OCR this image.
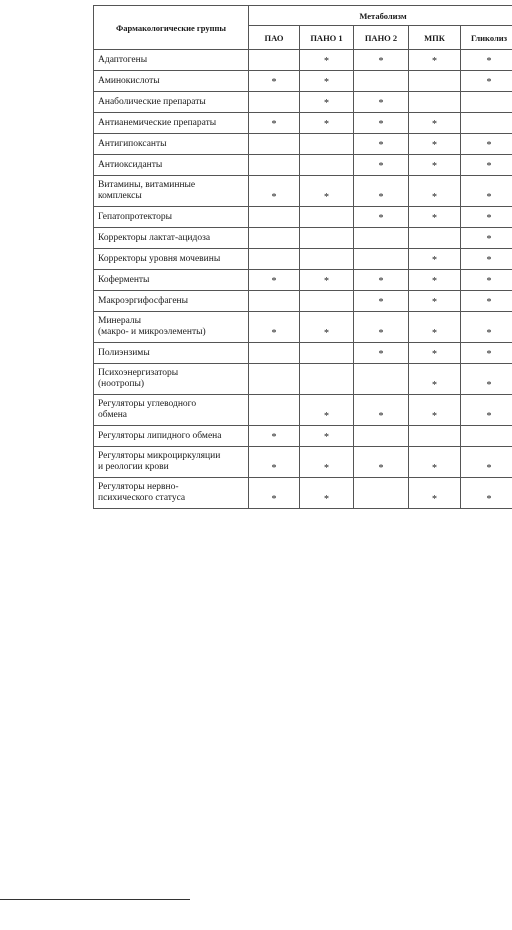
Фармакологические группы	Метаболизм				
	ПАО	ПАНО 1	ПАНО 2	МПК	Гликолиз
Адаптогены		*	*	*	*
Аминокислоты	*	*			*
Анаболические препараты		*	*		
Антианемические препараты	*	*	*	*	
Антигипоксанты			*	*	*
Антиоксиданты			*	*	*
Витамины, витаминные
комплексы	*	*	*	*	*
Гепатопротекторы			*	*	*
Корректоры лактат-ацидоза					*
Корректоры уровня мочевины				*	*
Коферменты	*	*	*	*	*
Макроэргифосфагены			*	*	*
Минералы
(макро- и микроэлементы)	*	*	*	*	*
Полиэнзимы			*	*	*
Психоэнергизаторы
(ноотропы)				*	*
Регуляторы углеводного
обмена		*	*	*	*
Регуляторы липидного обмена	*	*			
Регуляторы микроциркуляции
и реологии крови	*	*	*	*	*
Регуляторы нервно-
психического статуса	*	*		*	*
